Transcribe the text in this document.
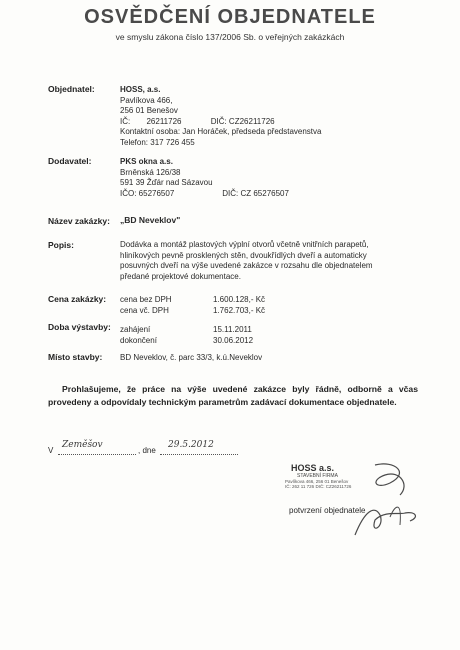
OSVĚDČENÍ OBJEDNATELE
ve smyslu zákona číslo 137/2006 Sb. o veřejných zakázkách
Objednatel:	HOSS, a.s.
Pavlíkova 466,
256 01 Benešov
IČ: 26211726	DIČ: CZ26211726
Kontaktní osoba: Jan Horáček, předseda představenstva
Telefon: 317 726 455
Dodavatel:	PKS okna a.s.
Brněnská 126/38
591 39 Žďár nad Sázavou
IČO: 65276507	DIČ: CZ 65276507
Název zakázky: „BD Neveklov"
Popis:	Dodávka a montáž plastových výplní otvorů včetně vnitřních parapetů,
hliníkových pevně prosklených stěn, dvoukřídlých dveří a automaticky
posuvných dveří na výše uvedené zakázce v rozsahu dle objednatelem
předané projektové dokumentace.
Cena zakázky: cena bez DPH	1.600.128,- Kč
cena vč. DPH	1.762.703,- Kč
Doba výstavby: zahájení	15.11.2011
dokončení	30.06.2012
Místo stavby: BD Neveklov, č. parc 33/3, k.ú.Neveklov
Prohlašujeme, že práce na výše uvedené zakázce byly řádně, odborně a včas provedeny a odpovídaly technickým parametrům zadávací dokumentace objednatele.
V
Zeměšov
, dne
29.5.2012
HOSS a.s.
STAVEBNÍ FIRMA
Pavlíkova 466, 256 01 Benešov
IČ: 262 11 726 DIČ: CZ26211726
potvrzení objednatele
